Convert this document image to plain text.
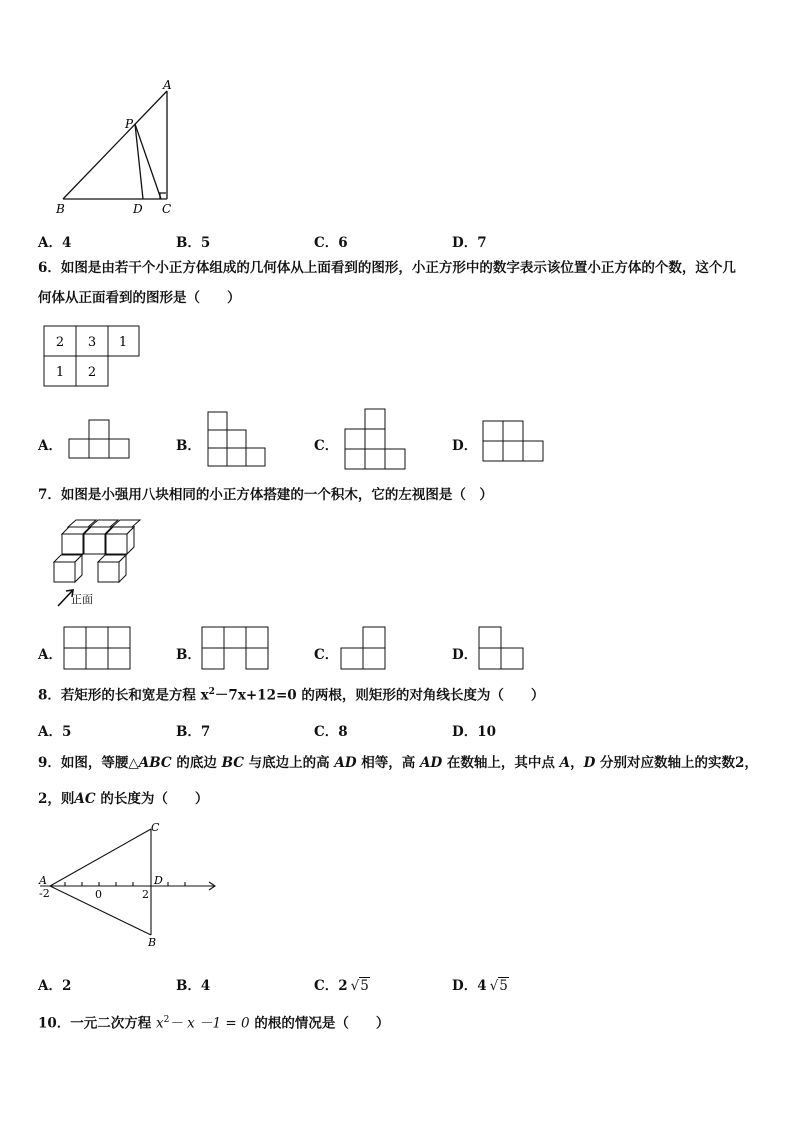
A
P
B	D C
A．4	B．5	C．6	D．7
6．如图是由若干个小正方体组成的几何体从上面看到的图形，小正方形中的数字表示该位置小正方体的个数，这个几
何体从正面看到的图形是（　　）
2 3 1
1 2
A．	B．	C．	D．
7．如图是小强用八块相同的小正方体搭建的一个积木，它的左视图是（　）
正面
A．	B．	C．	D．
8．若矩形的长和宽是方程 $x^2-7x+12=0$ 的两根，则矩形的对角线长度为（　　）
A．5	B．7	C．8	D．10
9．如图，等腰△ABC 的底边 BC 与底边上的高 AD 相等，高 AD 在数轴上，其中点 A，D 分别对应数轴上的实数2，
2，则AC 的长度为（　　）
A
-2	0	2
D
C
B
A．2	B．4	C．2 √5	D．4 √5
10．一元二次方程 $x^2- x -1 = 0$ 的根的情况是（　　）
